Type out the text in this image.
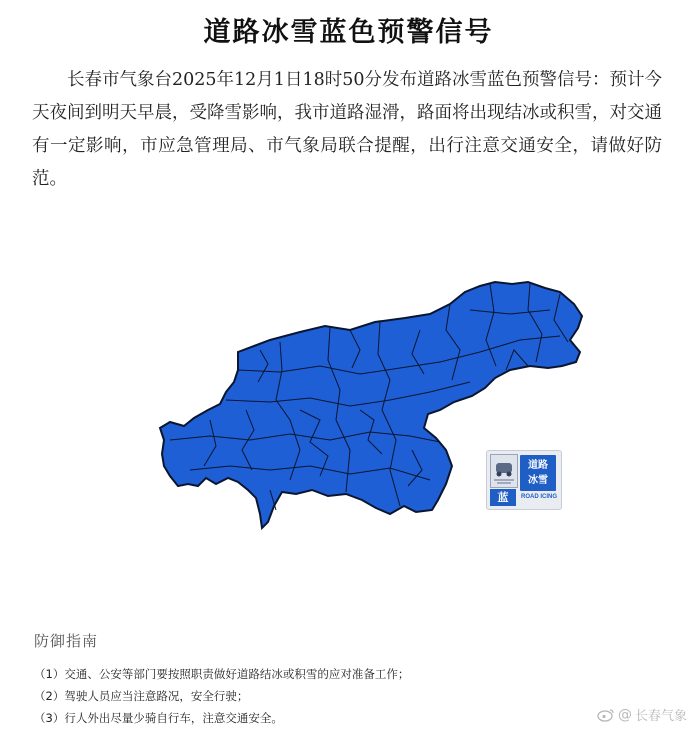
道路冰雪蓝色预警信号
长春市气象台2025年12月1日18时50分发布道路冰雪蓝色预警信号：预计今天夜间到明天早晨，受降雪影响，我市道路湿滑，路面将出现结冰或积雪，对交通有一定影响，市应急管理局、市气象局联合提醒，出行注意交通安全，请做好防范。
蓝
道路
冰雪
ROAD ICING
防御指南
（1）交通、公安等部门要按照职责做好道路结冰或积雪的应对准备工作；
（2）驾驶人员应当注意路况，安全行驶；
（3）行人外出尽量少骑自行车，注意交通安全。	@ 长春气象
